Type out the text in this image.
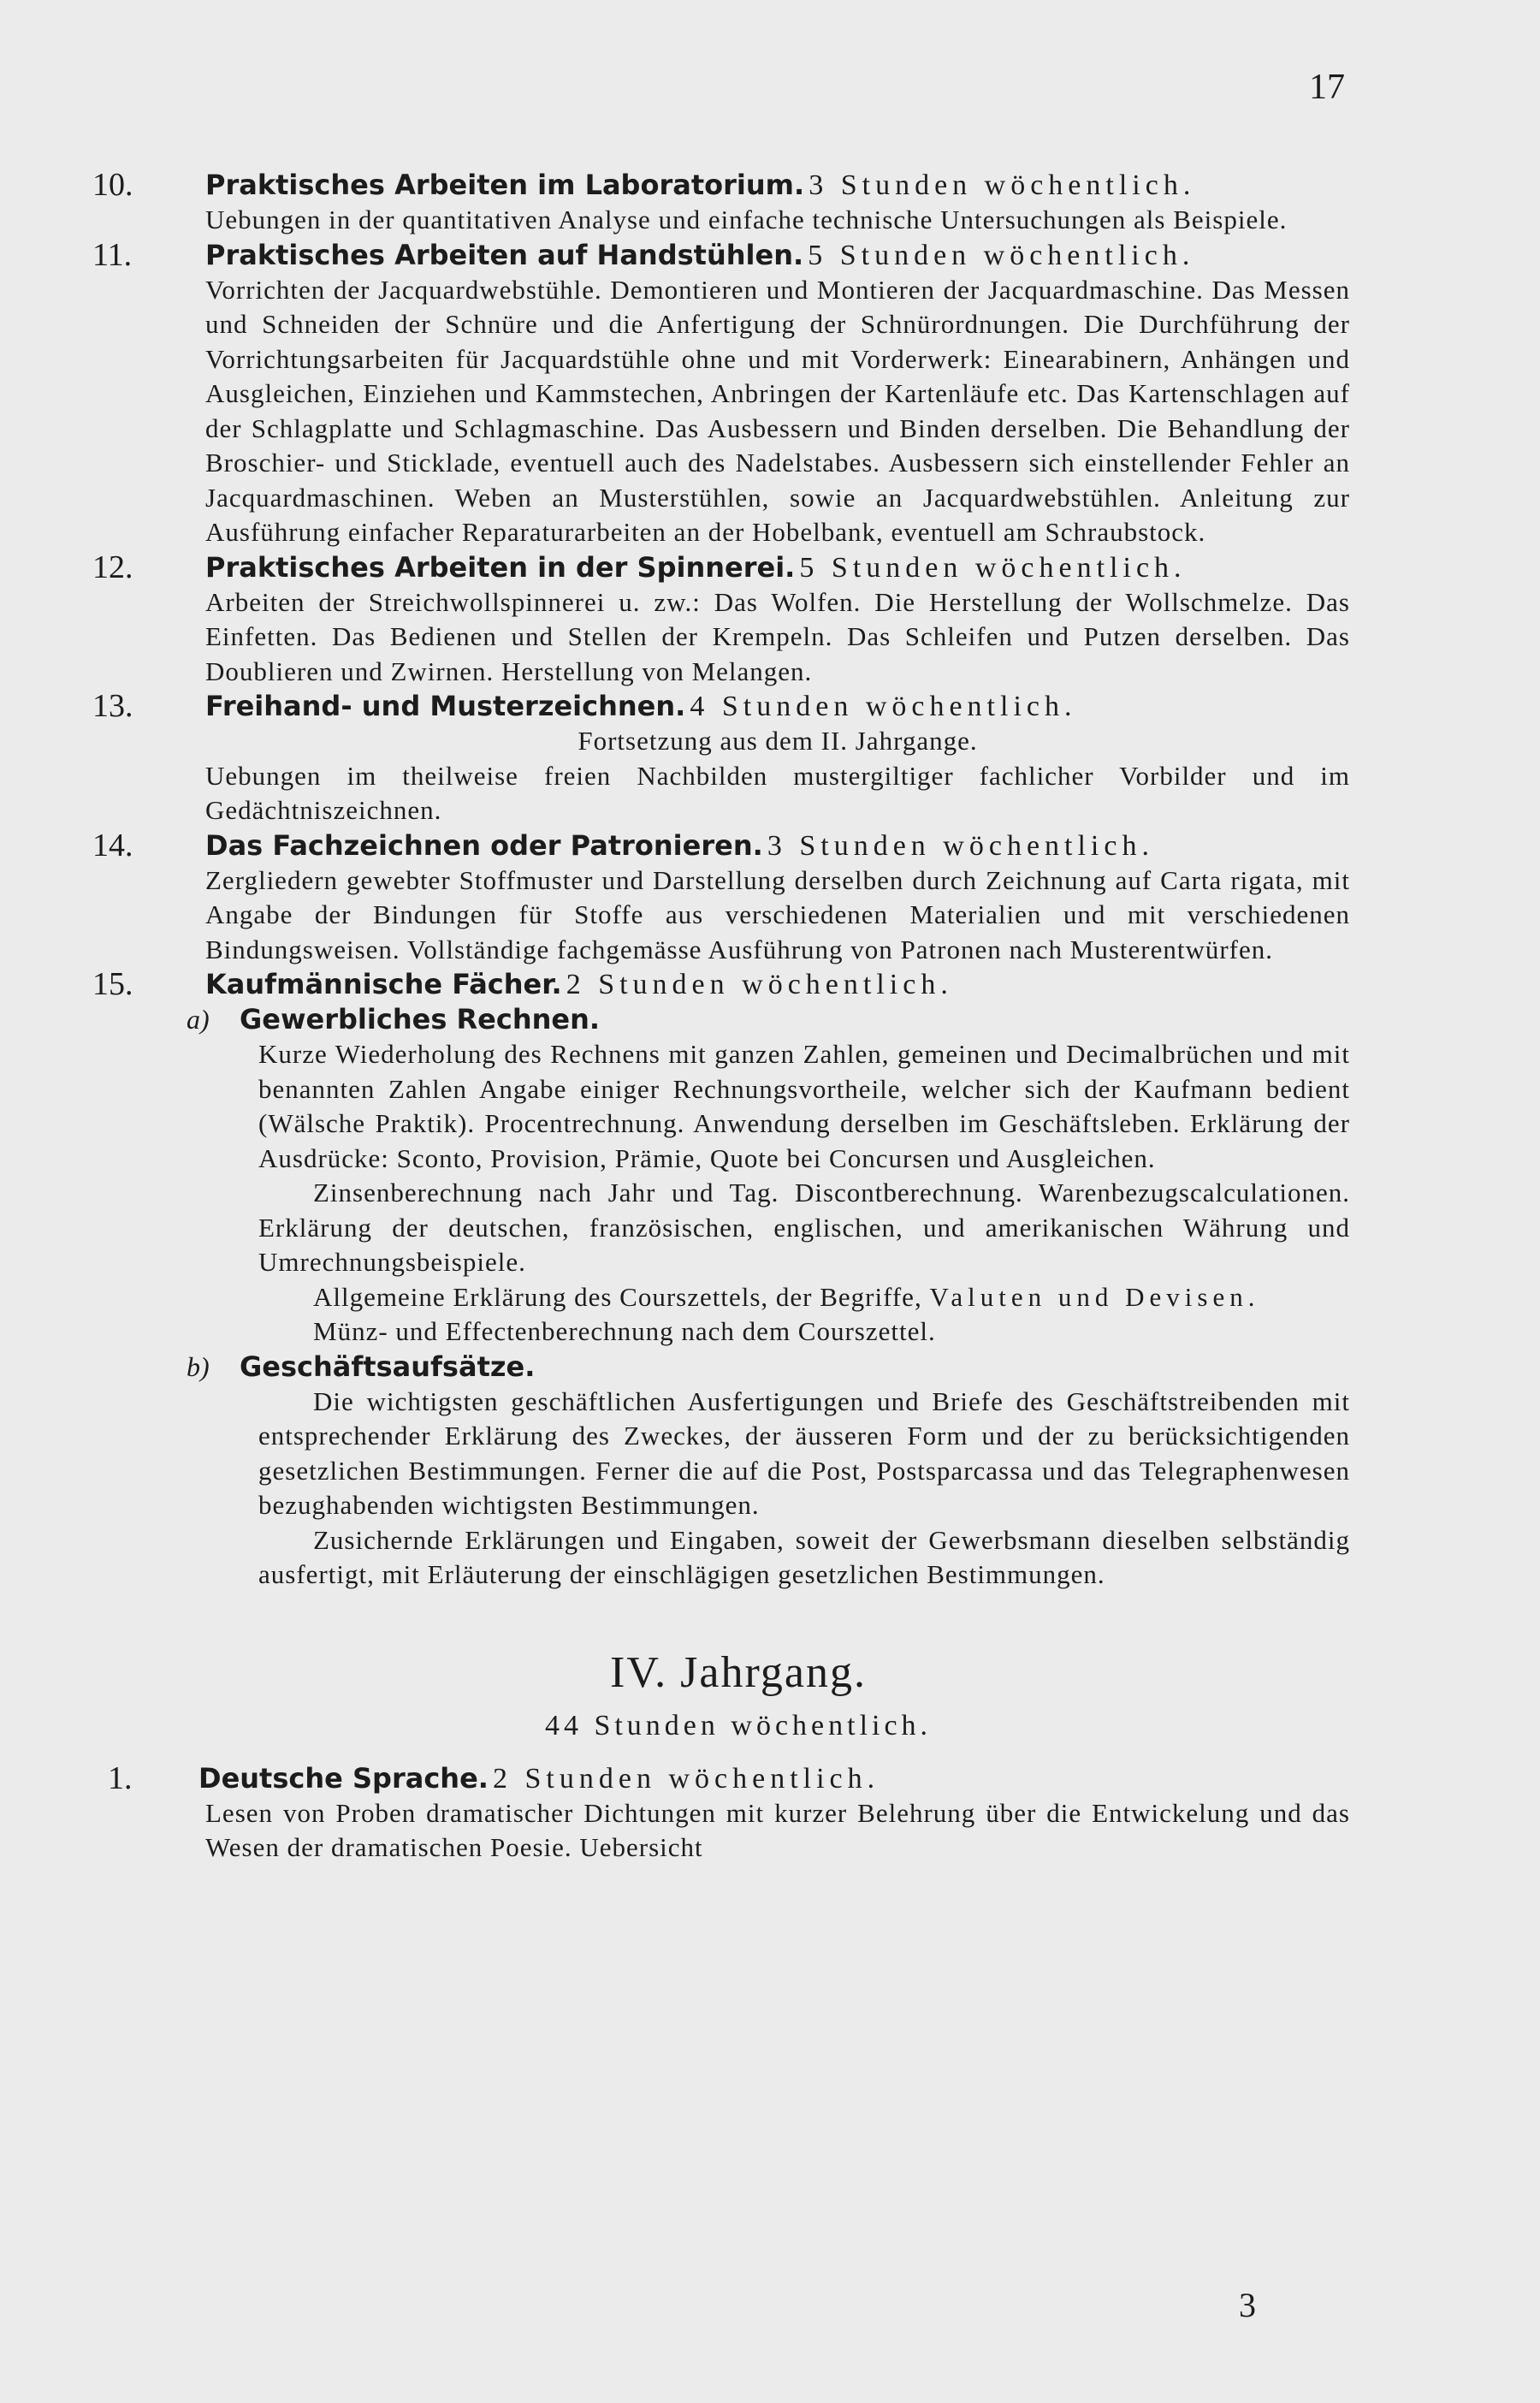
17
10.	Praktisches Arbeiten im Laboratorium. 3 Stunden wöchentlich.
Uebungen in der quantitativen Analyse und einfache technische Untersuchungen als Beispiele.
11.	Praktisches Arbeiten auf Handstühlen. 5 Stunden wöchentlich.
Vorrichten der Jacquardwebstühle. Demontieren und Montieren der Jacquardmaschine. Das Messen und Schneiden der Schnüre und die Anfertigung der Schnürordnungen. Die Durchführung der Vorrichtungsarbeiten für Jacquardstühle ohne und mit Vorderwerk: Einearabinern, Anhängen und Ausgleichen, Einziehen und Kammstechen, Anbringen der Kartenläufe etc. Das Kartenschlagen auf der Schlagplatte und Schlagmaschine. Das Ausbessern und Binden derselben. Die Behandlung der Broschier- und Sticklade, eventuell auch des Nadelstabes. Ausbessern sich einstellender Fehler an Jacquardmaschinen. Weben an Musterstühlen, sowie an Jacquardwebstühlen. Anleitung zur Ausführung einfacher Reparaturarbeiten an der Hobelbank, eventuell am Schraubstock.
12.	Praktisches Arbeiten in der Spinnerei. 5 Stunden wöchentlich.
Arbeiten der Streichwollspinnerei u. zw.: Das Wolfen. Die Herstellung der Wollschmelze. Das Einfetten. Das Bedienen und Stellen der Krempeln. Das Schleifen und Putzen derselben. Das Doublieren und Zwirnen. Herstellung von Melangen.
13.	Freihand- und Musterzeichnen. 4 Stunden wöchentlich.
Fortsetzung aus dem II. Jahrgange.
Uebungen im theilweise freien Nachbilden mustergiltiger fachlicher Vorbilder und im Gedächtniszeichnen.
14.	Das Fachzeichnen oder Patronieren. 3 Stunden wöchentlich.
Zergliedern gewebter Stoffmuster und Darstellung derselben durch Zeichnung auf Carta rigata, mit Angabe der Bindungen für Stoffe aus verschiedenen Materialien und mit verschiedenen Bindungsweisen. Vollständige fachgemässe Ausführung von Patronen nach Musterentwürfen.
15.	Kaufmännische Fächer. 2 Stunden wöchentlich.
a) Gewerbliches Rechnen.
Kurze Wiederholung des Rechnens mit ganzen Zahlen, gemeinen und Decimalbrüchen und mit benannten Zahlen Angabe einiger Rechnungsvortheile, welcher sich der Kaufmann bedient (Wälsche Praktik). Procentrechnung. Anwendung derselben im Geschäftsleben. Erklärung der Ausdrücke: Sconto, Provision, Prämie, Quote bei Concursen und Ausgleichen.
Zinsenberechnung nach Jahr und Tag. Discontberechnung. Warenbezugscalculationen. Erklärung der deutschen, französischen, englischen, und amerikanischen Währung und Umrechnungsbeispiele.
Allgemeine Erklärung des Courszettels, der Begriffe, Valuten und Devisen.
Münz- und Effectenberechnung nach dem Courszettel.
b) Geschäftsaufsätze.
Die wichtigsten geschäftlichen Ausfertigungen und Briefe des Geschäftstreibenden mit entsprechender Erklärung des Zweckes, der äusseren Form und der zu berücksichtigenden gesetzlichen Bestimmungen. Ferner die auf die Post, Postsparcassa und das Telegraphenwesen bezughabenden wichtigsten Bestimmungen.
Zusichernde Erklärungen und Eingaben, soweit der Gewerbsmann dieselben selbständig ausfertigt, mit Erläuterung der einschlägigen gesetzlichen Bestimmungen.
IV. Jahrgang.
44 Stunden wöchentlich.
1. Deutsche Sprache. 2 Stunden wöchentlich.
Lesen von Proben dramatischer Dichtungen mit kurzer Belehrung über die Entwickelung und das Wesen der dramatischen Poesie. Uebersicht
3
